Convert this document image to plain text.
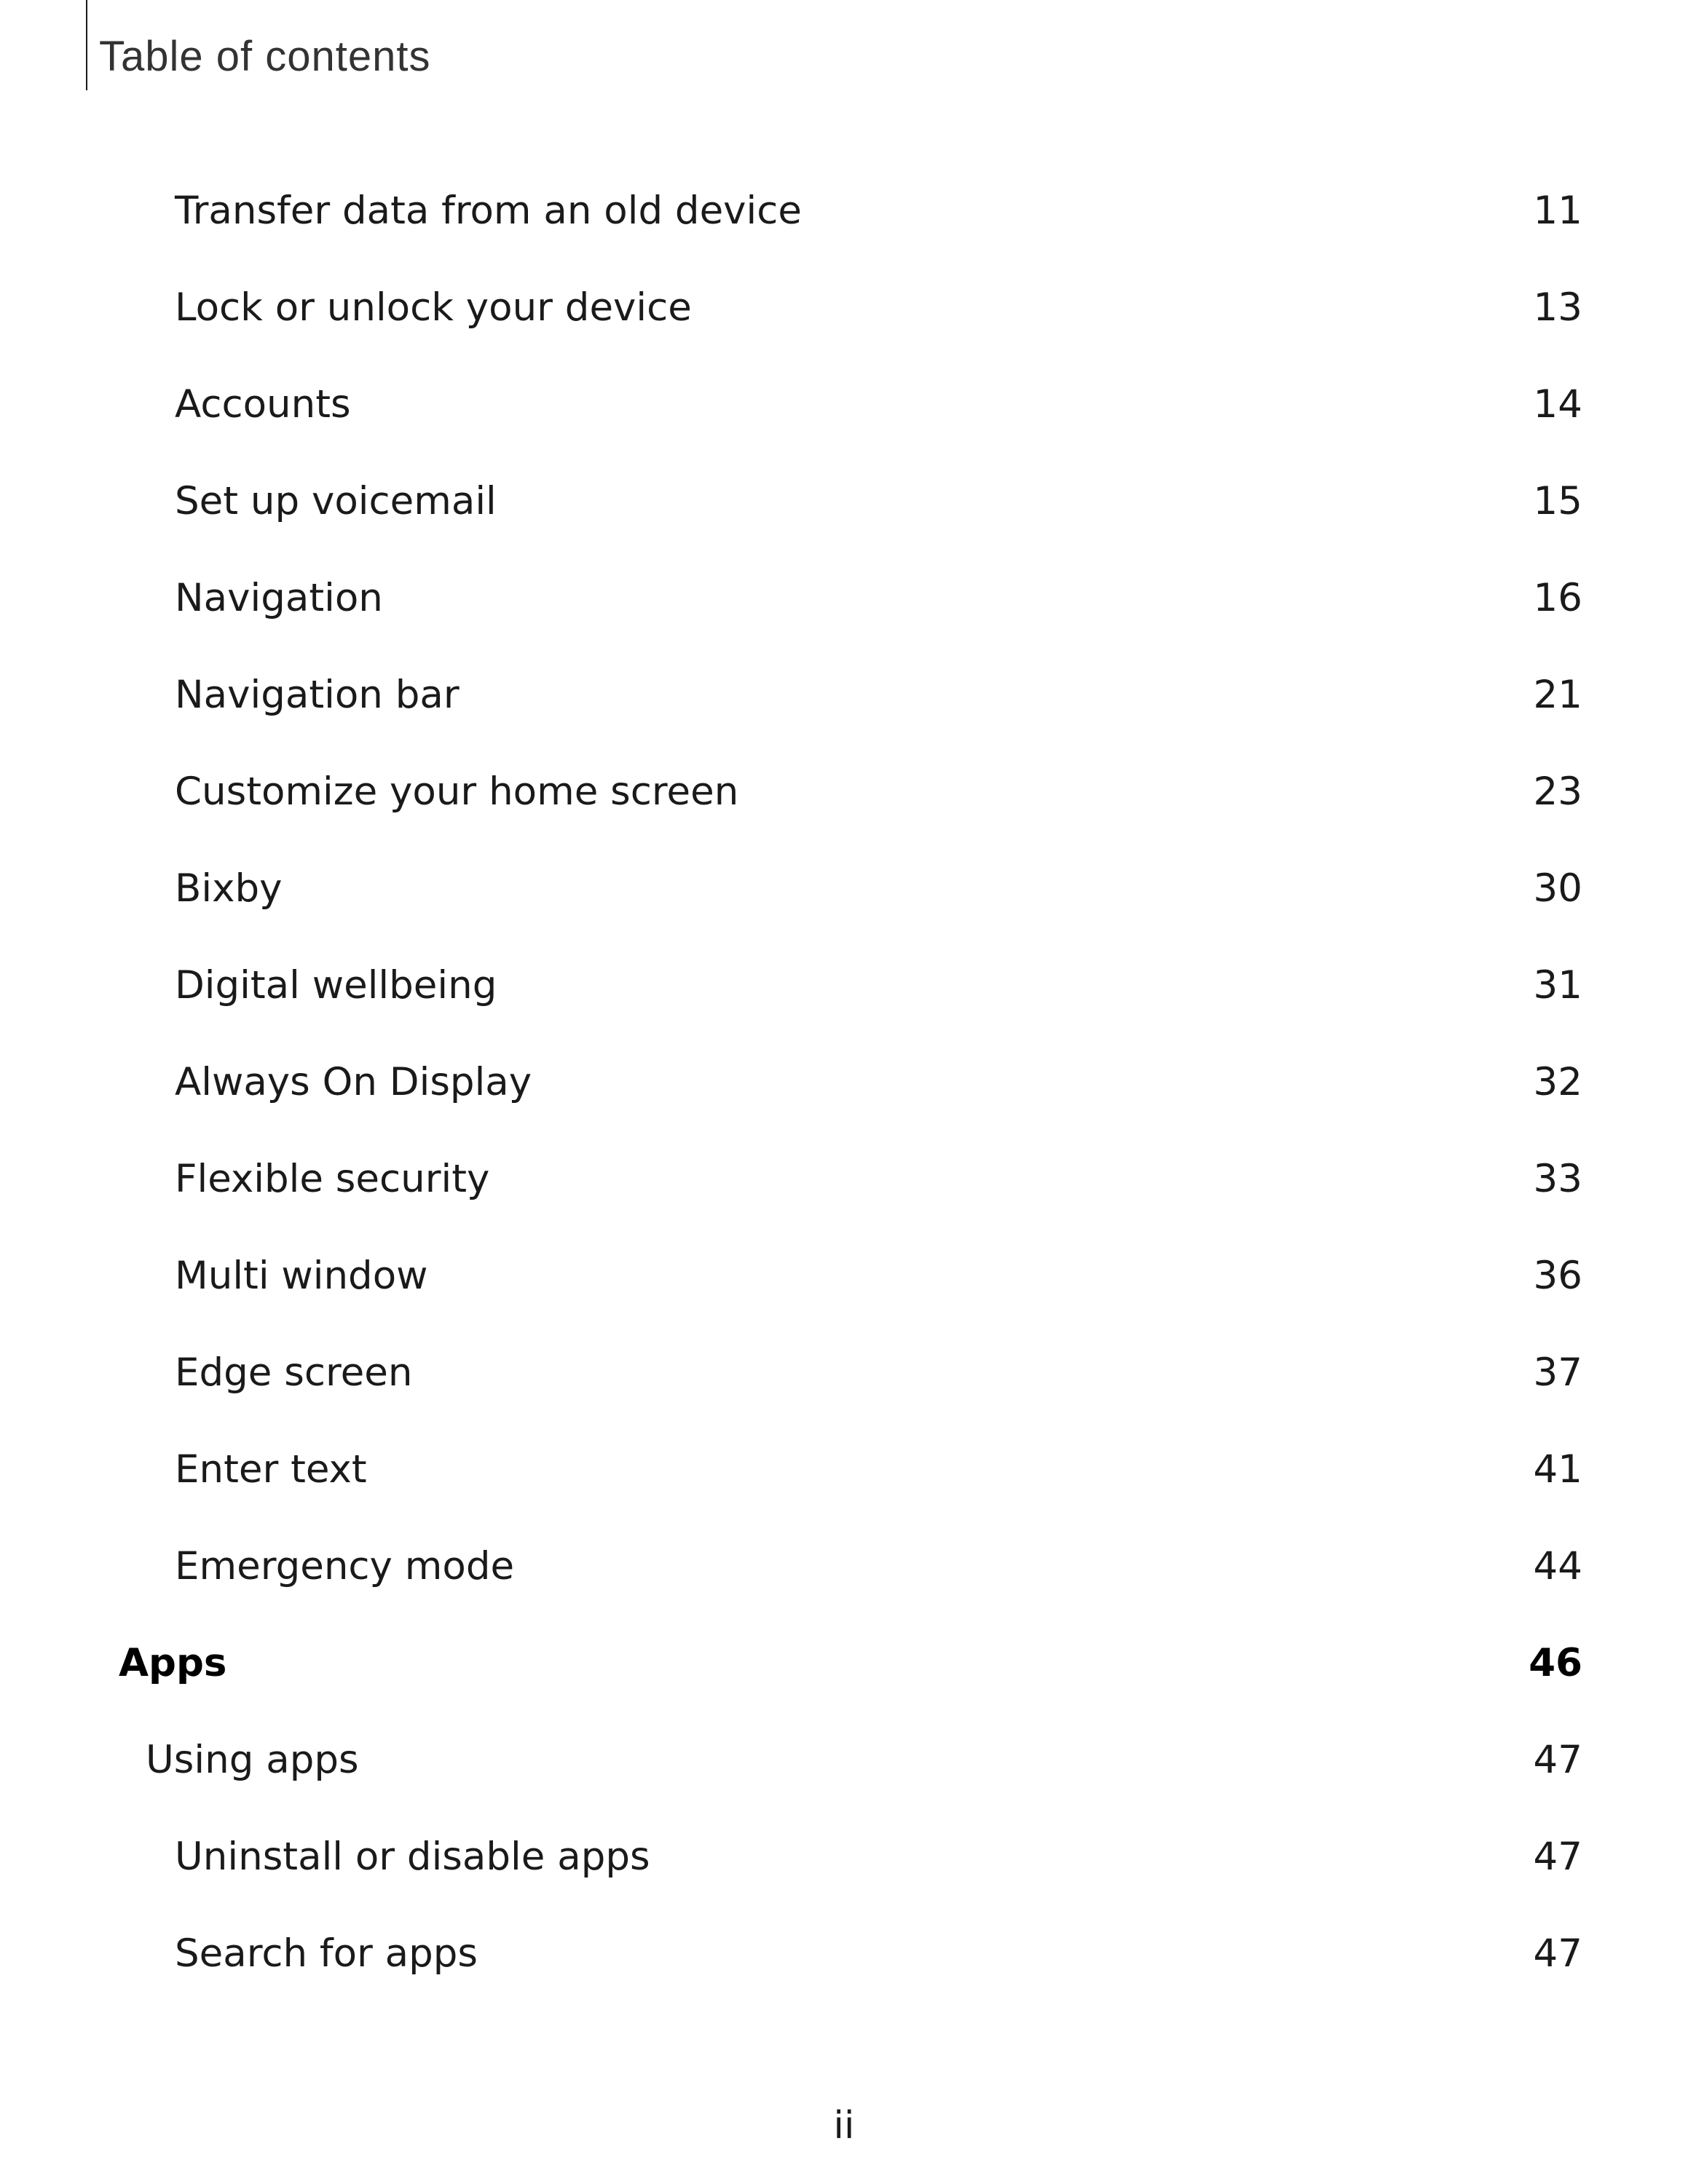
Table of contents
Transfer data from an old device	11
Lock or unlock your device	13
Accounts	14
Set up voicemail	15
Navigation	16
Navigation bar	21
Customize your home screen	23
Bixby	30
Digital wellbeing	31
Always On Display	32
Flexible security	33
Multi window	36
Edge screen	37
Enter text	41
Emergency mode	44
Apps	46
Using apps	47
Uninstall or disable apps	47
Search for apps	47
ii
